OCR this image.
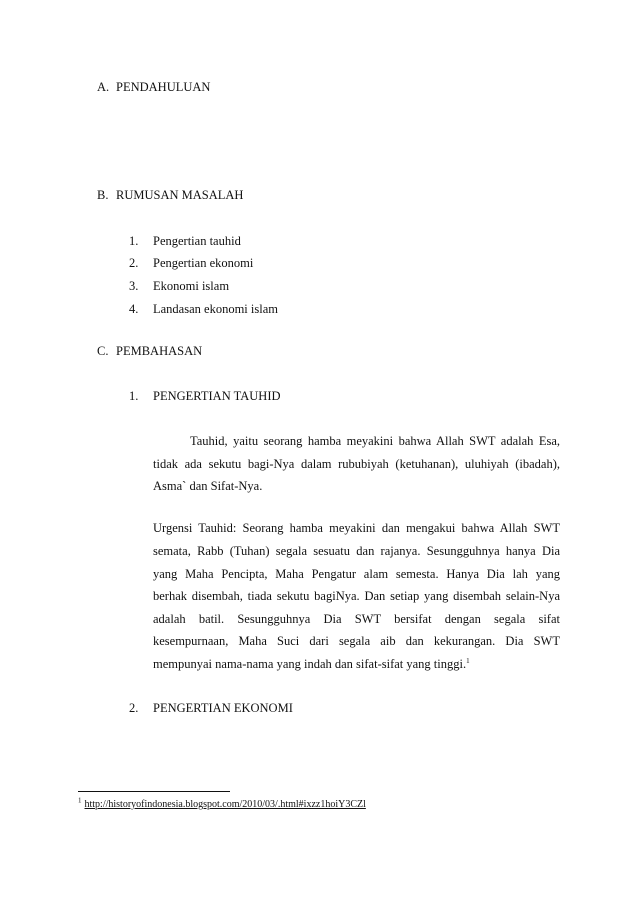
A. PENDAHULUAN
B. RUMUSAN MASALAH
1. Pengertian tauhid
2. Pengertian ekonomi
3. Ekonomi islam
4. Landasan ekonomi islam
C. PEMBAHASAN
1. PENGERTIAN TAUHID
Tauhid, yaitu seorang hamba meyakini bahwa Allah SWT adalah Esa,
tidak ada sekutu bagi-Nya dalam rububiyah (ketuhanan), uluhiyah (ibadah),
Asma` dan Sifat-Nya.
Urgensi Tauhid: Seorang hamba meyakini dan mengakui bahwa Allah SWT
semata, Rabb (Tuhan) segala sesuatu dan rajanya. Sesungguhnya hanya Dia
yang Maha Pencipta, Maha Pengatur alam semesta. Hanya Dia lah yang
berhak disembah, tiada sekutu bagiNya. Dan setiap yang disembah selain-Nya
adalah batil. Sesungguhnya Dia SWT bersifat dengan segala sifat
kesempurnaan, Maha Suci dari segala aib dan kekurangan. Dia SWT
mempunyai nama-nama yang indah dan sifat-sifat yang tinggi.$^1$
2. PENGERTIAN EKONOMI
$^1$ http://historyofindonesia.blogspot.com/2010/03/.html#ixzz1hoiY3CZl
